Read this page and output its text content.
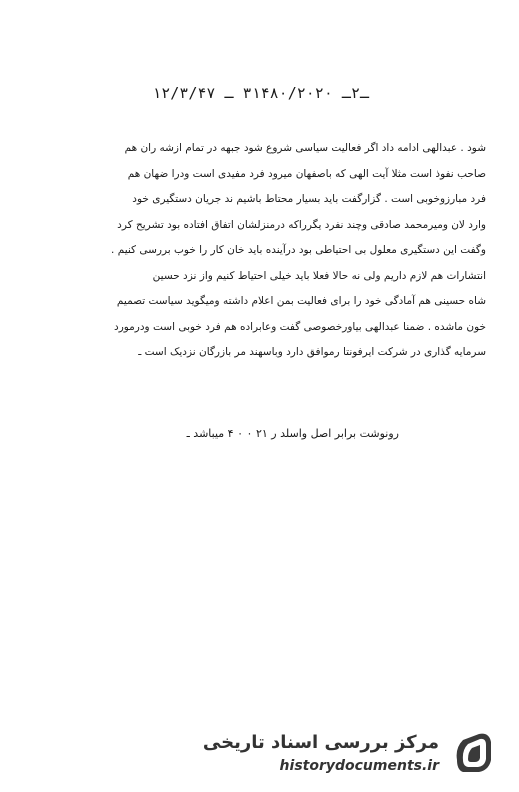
ـ۲ـ ۳۱۴۸۰/۲۰۲۰ ـ ۱۲/۳/۴۷
شود . عبدالهی ادامه داد اگر فعالیت سیاسی شروع شود جبهه در تمام ازشه ران هم
صاحب نفوذ است مثلا آیت الهی که باصفهان میرود فرد مفیدی است ودرا ضهان هم
فرد مبارزوخوبی است . گزارگفت باید بسیار محتاط باشیم ند جریان دستگیری خود
وارد لان ومیرمحمد صادقی وچند نفرد یگرراکه درمنزلشان اتفاق افتاده بود تشریح کرد
وگفت این دستگیری معلول بی احتیاطی بود درآینده باید خان کار را خوب بررسی کنیم .
انتشارات هم لازم داریم ولی نه حالا فعلا باید خیلی احتیاط کنیم واز نزد حسین
شاه حسینی هم آمادگی خود را برای فعالیت بمن اعلام داشته ومیگوید سیاست تصمیم
خون ماشده . ضمنا عبدالهی بیاورخصوصی گفت وعابراده هم فرد خوبی است ودرمورد
سرمایه گذاری در شرکت ایرفونتا رموافق دارد وباسهند مر بازرگان نزدیک است ـ
رونوشت برابر اصل واسلد ر ۲۱ ۰ ۰ ۴ میباشد ـ
مرکز بررسی اسناد تاریخی
historydocuments.ir
